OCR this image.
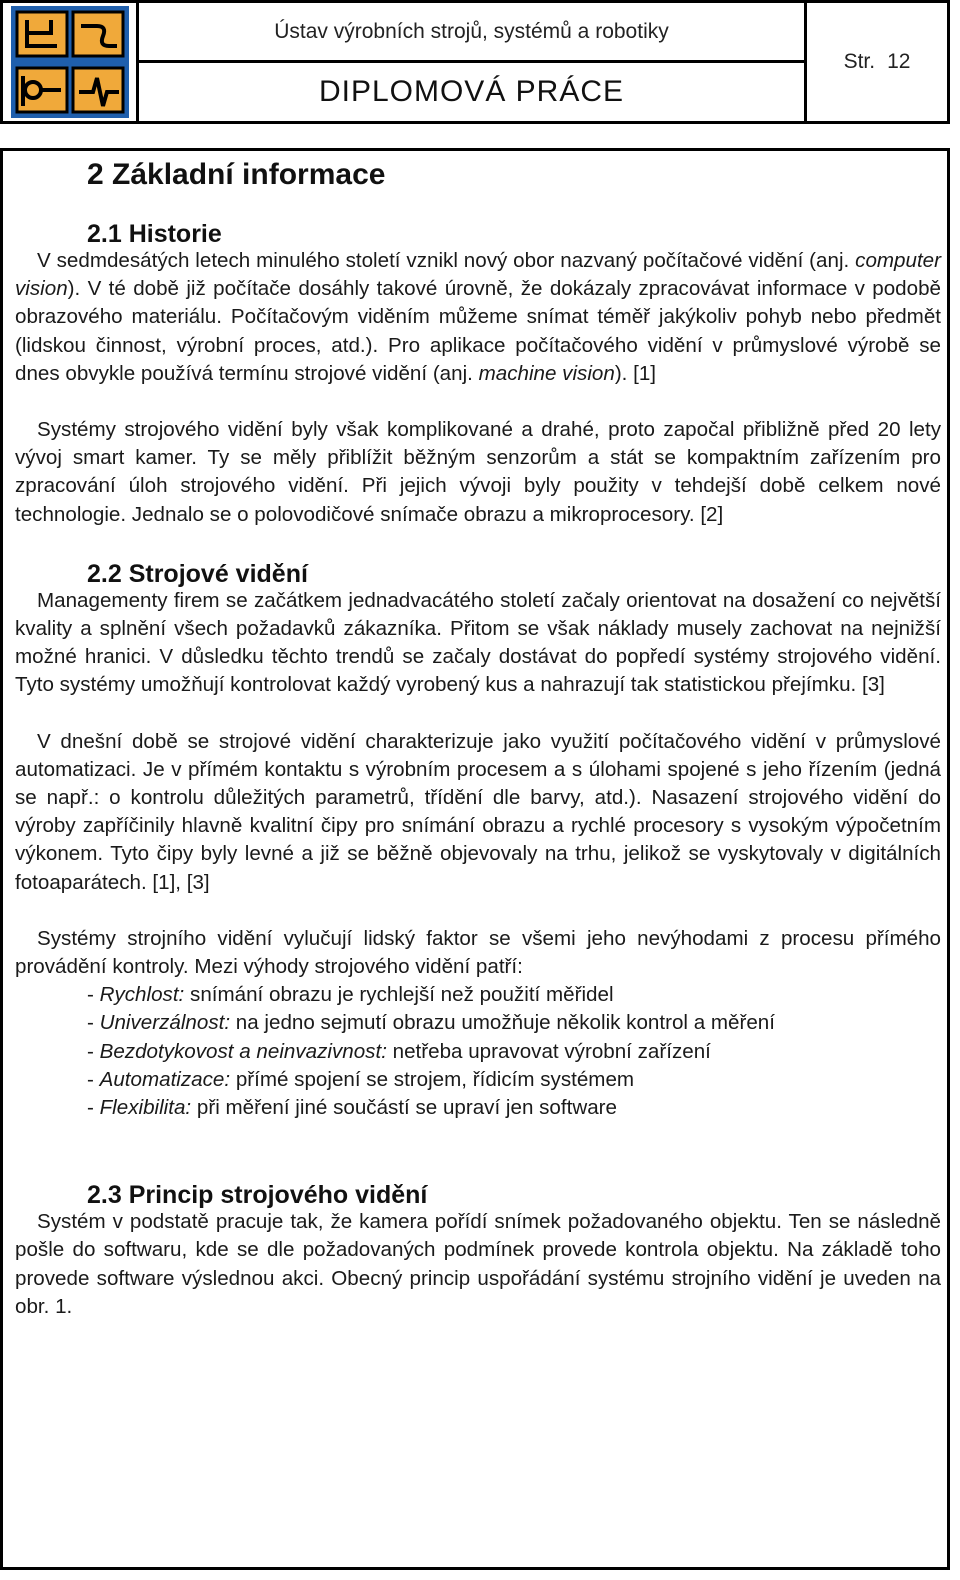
Ústav výrobních strojů, systémů a robotiky
DIPLOMOVÁ PRÁCE
Str. 12
2 Základní informace
2.1 Historie

V sedmdesátých letech minulého století vznikl nový obor nazvaný počítačové vidění (anj. computer vision). V té době již počítače dosáhly takové úrovně, že dokázaly zpracovávat informace v podobě obrazového materiálu. Počítačovým viděním můžeme snímat téměř jakýkoliv pohyb nebo předmět (lidskou činnost, výrobní proces, atd.). Pro aplikace počítačového vidění v průmyslové výrobě se dnes obvykle používá termínu strojové vidění (anj. machine vision). [1]

Systémy strojového vidění byly však komplikované a drahé, proto započal přibližně před 20 lety vývoj smart kamer. Ty se měly přiblížit běžným senzorům a stát se kompaktním zařízením pro zpracování úloh strojového vidění. Při jejich vývoji byly použity v tehdejší době celkem nové technologie. Jednalo se o polovodičové snímače obrazu a mikroprocesory. [2]

2.2 Strojové vidění

Managementy firem se začátkem jednadvacátého století začaly orientovat na dosažení co největší kvality a splnění všech požadavků zákazníka. Přitom se však náklady musely zachovat na nejnižší možné hranici. V důsledku těchto trendů se začaly dostávat do popředí systémy strojového vidění. Tyto systémy umožňují kontrolovat každý vyrobený kus a nahrazují tak statistickou přejímku. [3]

V dnešní době se strojové vidění charakterizuje jako využití počítačového vidění v průmyslové automatizaci. Je v přímém kontaktu s výrobním procesem a s úlohami spojené s jeho řízením (jedná se např.: o kontrolu důležitých parametrů, třídění dle barvy, atd.). Nasazení strojového vidění do výroby zapříčinily hlavně kvalitní čipy pro snímání obrazu a rychlé procesory s vysokým výpočetním výkonem. Tyto čipy byly levné a již se běžně objevovaly na trhu, jelikož se vyskytovaly v digitálních fotoaparátech. [1], [3]

Systémy strojního vidění vylučují lidský faktor se všemi jeho nevýhodami z procesu přímého provádění kontroly. Mezi výhody strojového vidění patří:

- Rychlost: snímání obrazu je rychlejší než použití měřidel
- Univerzálnost: na jedno sejmutí obrazu umožňuje několik kontrol a měření
- Bezdotykovost a neinvazivnost: netřeba upravovat výrobní zařízení
- Automatizace: přímé spojení se strojem, řídicím systémem
- Flexibilita: při měření jiné součástí se upraví jen software
2.3 Princip strojového vidění

Systém v podstatě pracuje tak, že kamera pořídí snímek požadovaného objektu. Ten se následně pošle do softwaru, kde se dle požadovaných podmínek provede kontrola objektu. Na základě toho provede software výslednou akci. Obecný princip uspořádání systému strojního vidění je uveden na obr. 1.
